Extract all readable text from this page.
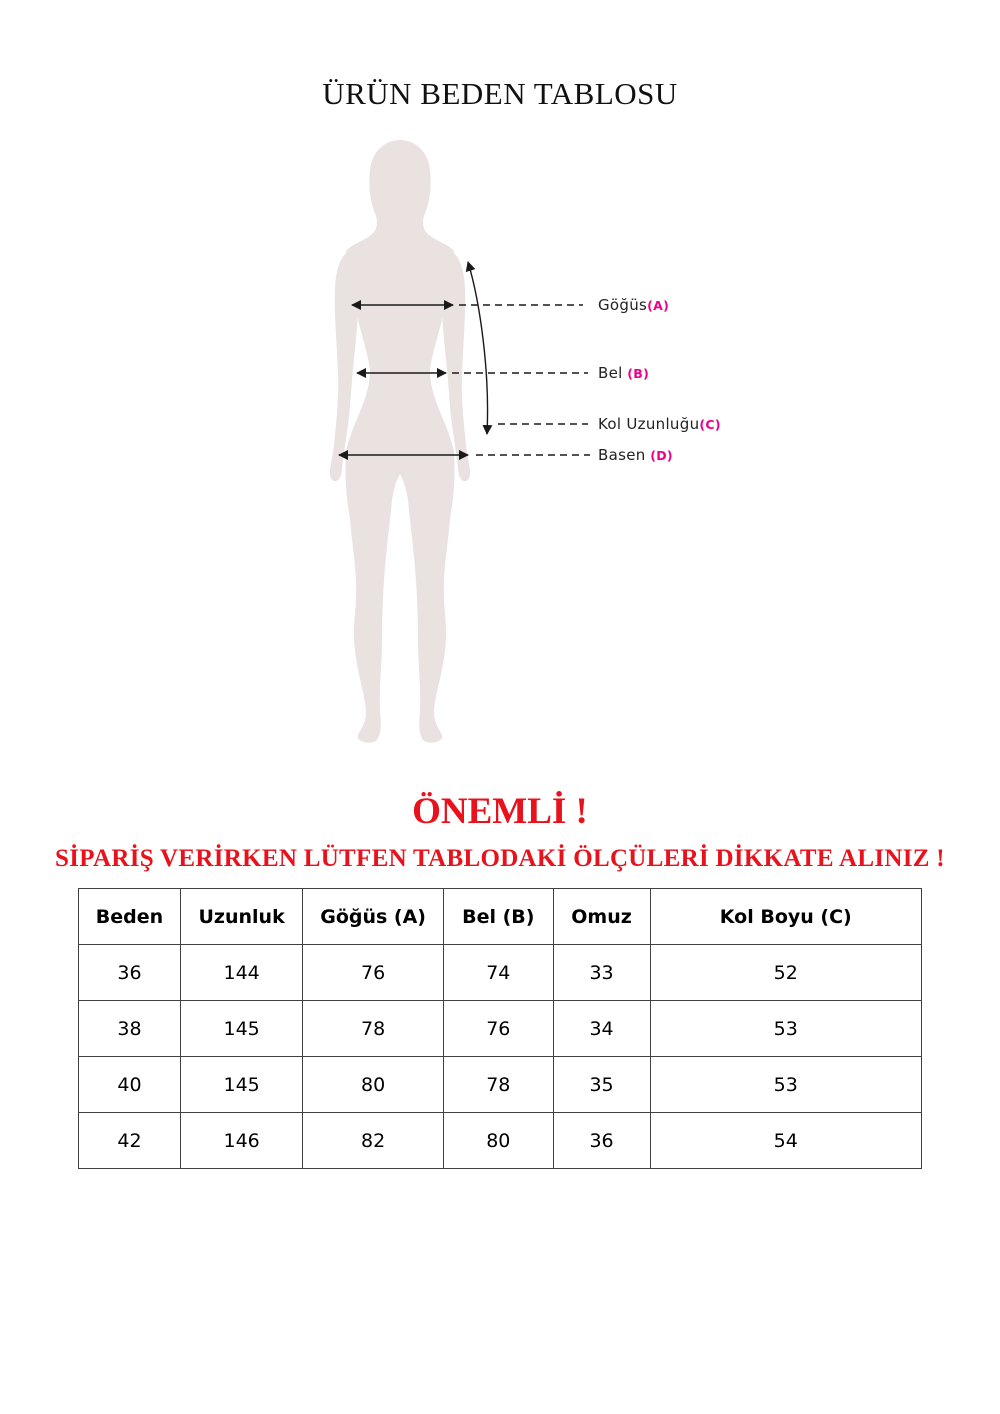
ÜRÜN BEDEN TABLOSU
Göğüs(A)
Bel (B)
Kol Uzunluğu(C)
Basen (D)
ÖNEMLİ !

SİPARİŞ VERİRKEN LÜTFEN TABLODAKİ ÖLÇÜLERİ DİKKATE ALINIZ !

Beden	Uzunluk	Göğüs (A)	Bel (B)	Omuz	Kol Boyu (C)
36	144	76	74	33	52
38	145	78	76	34	53
40	145	80	78	35	53
42	146	82	80	36	54
